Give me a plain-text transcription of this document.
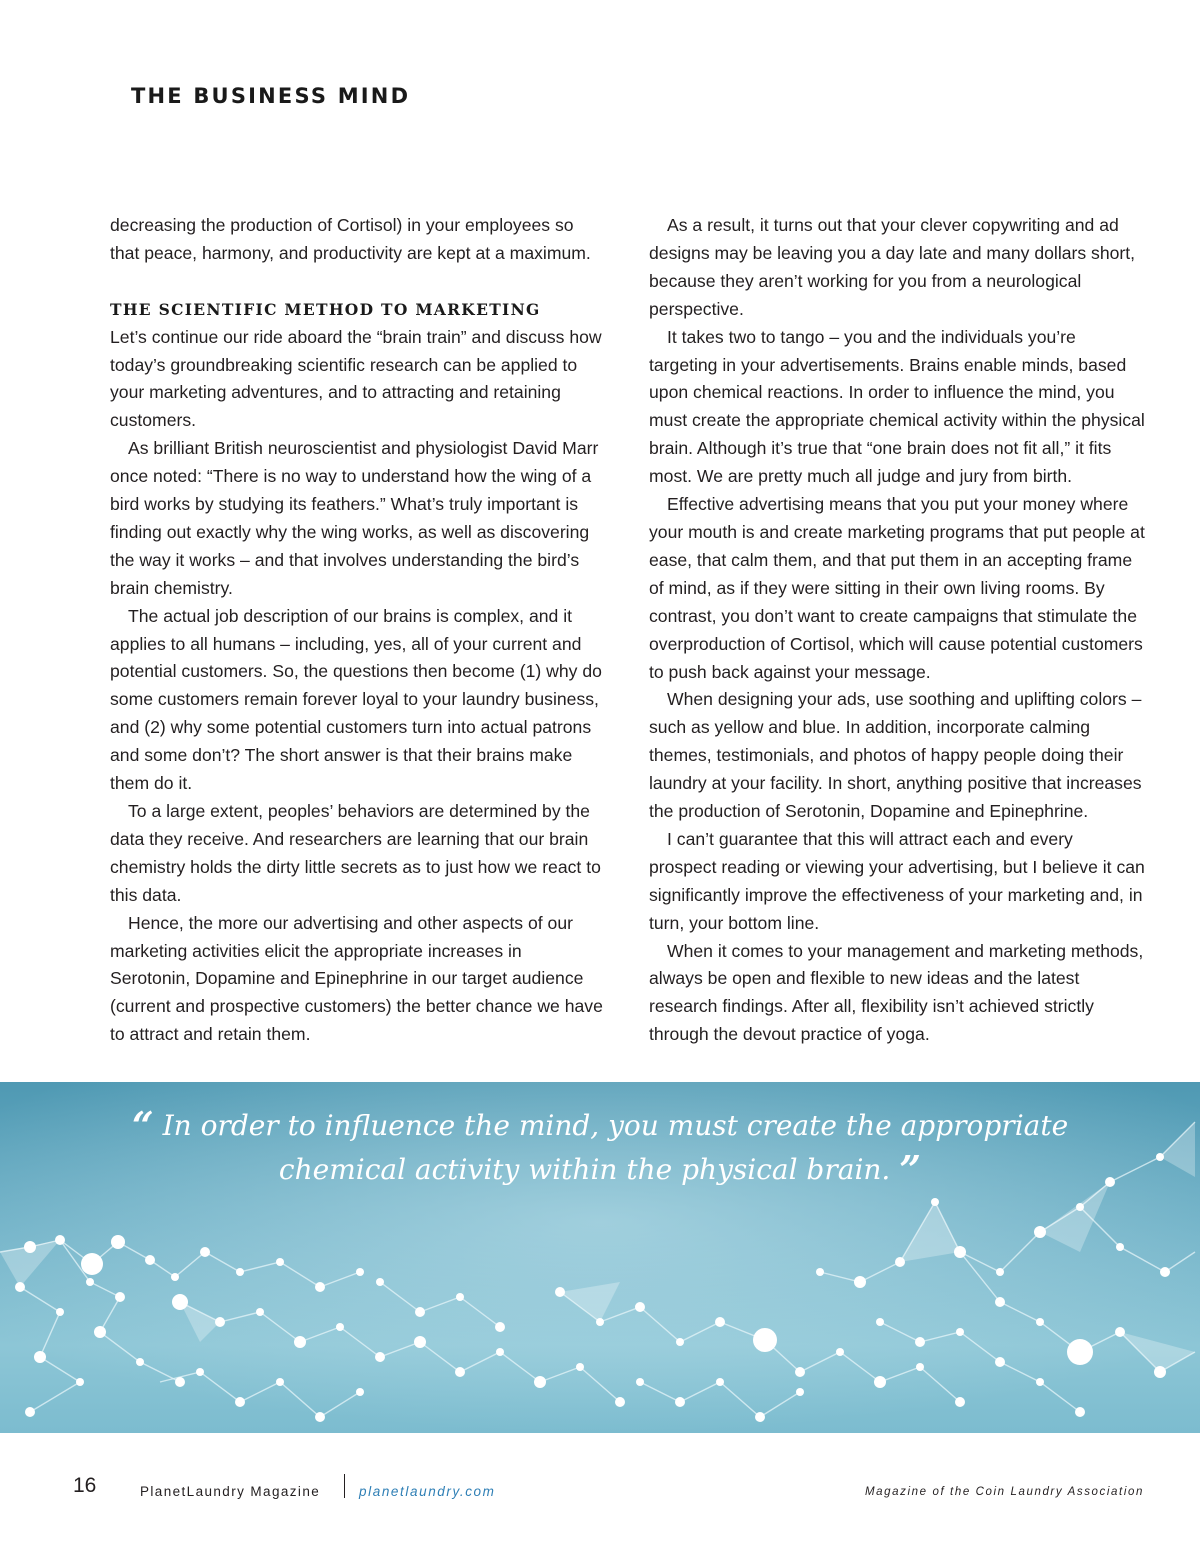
THE BUSINESS MIND

decreasing the production of Cortisol) in your employees so that peace, harmony, and productivity are kept at a maximum.

THE SCIENTIFIC METHOD TO MARKETING

Let’s continue our ride aboard the “brain train” and discuss how today’s groundbreaking scientific research can be applied to your marketing adventures, and to attracting and retaining customers.

As brilliant British neuroscientist and physiologist David Marr once noted: “There is no way to understand how the wing of a bird works by studying its feathers.” What’s truly important is finding out exactly why the wing works, as well as discovering the way it works – and that involves understanding the bird’s brain chemistry.

The actual job description of our brains is complex, and it applies to all humans – including, yes, all of your current and potential customers. So, the questions then become (1) why do some customers remain forever loyal to your laundry business, and (2) why some potential customers turn into actual patrons and some don’t? The short answer is that their brains make them do it.

To a large extent, peoples’ behaviors are determined by the data they receive. And researchers are learning that our brain chemistry holds the dirty little secrets as to just how we react to this data.

Hence, the more our advertising and other aspects of our marketing activities elicit the appropriate increases in Serotonin, Dopamine and Epinephrine in our target audience (current and prospective customers) the better chance we have to attract and retain them.

As a result, it turns out that your clever copywriting and ad designs may be leaving you a day late and many dollars short, because they aren’t working for you from a neurological perspective.

It takes two to tango – you and the individuals you’re targeting in your advertisements. Brains enable minds, based upon chemical reactions. In order to influence the mind, you must create the appropriate chemical activity within the physical brain. Although it’s true that “one brain does not fit all,” it fits most. We are pretty much all judge and jury from birth.

Effective advertising means that you put your money where your mouth is and create marketing programs that put people at ease, that calm them, and that put them in an accepting frame of mind, as if they were sitting in their own living rooms. By contrast, you don’t want to create campaigns that stimulate the overproduction of Cortisol, which will cause potential customers to push back against your message.

When designing your ads, use soothing and uplifting colors – such as yellow and blue. In addition, incorporate calming themes, testimonials, and photos of happy people doing their laundry at your facility. In short, anything positive that increases the production of Serotonin, Dopamine and Epinephrine.

I can’t guarantee that this will attract each and every prospect reading or viewing your advertising, but I believe it can significantly improve the effectiveness of your marketing and, in turn, your bottom line.

When it comes to your management and marketing methods, always be open and flexible to new ideas and the latest research findings. After all, flexibility isn’t achieved strictly through the devout practice of yoga.

“ In order to influence the mind, you must create the appropriate chemical activity within the physical brain. ”
16	PlanetLaundry Magazine	planetlaundry.com	Magazine of the Coin Laundry Association
